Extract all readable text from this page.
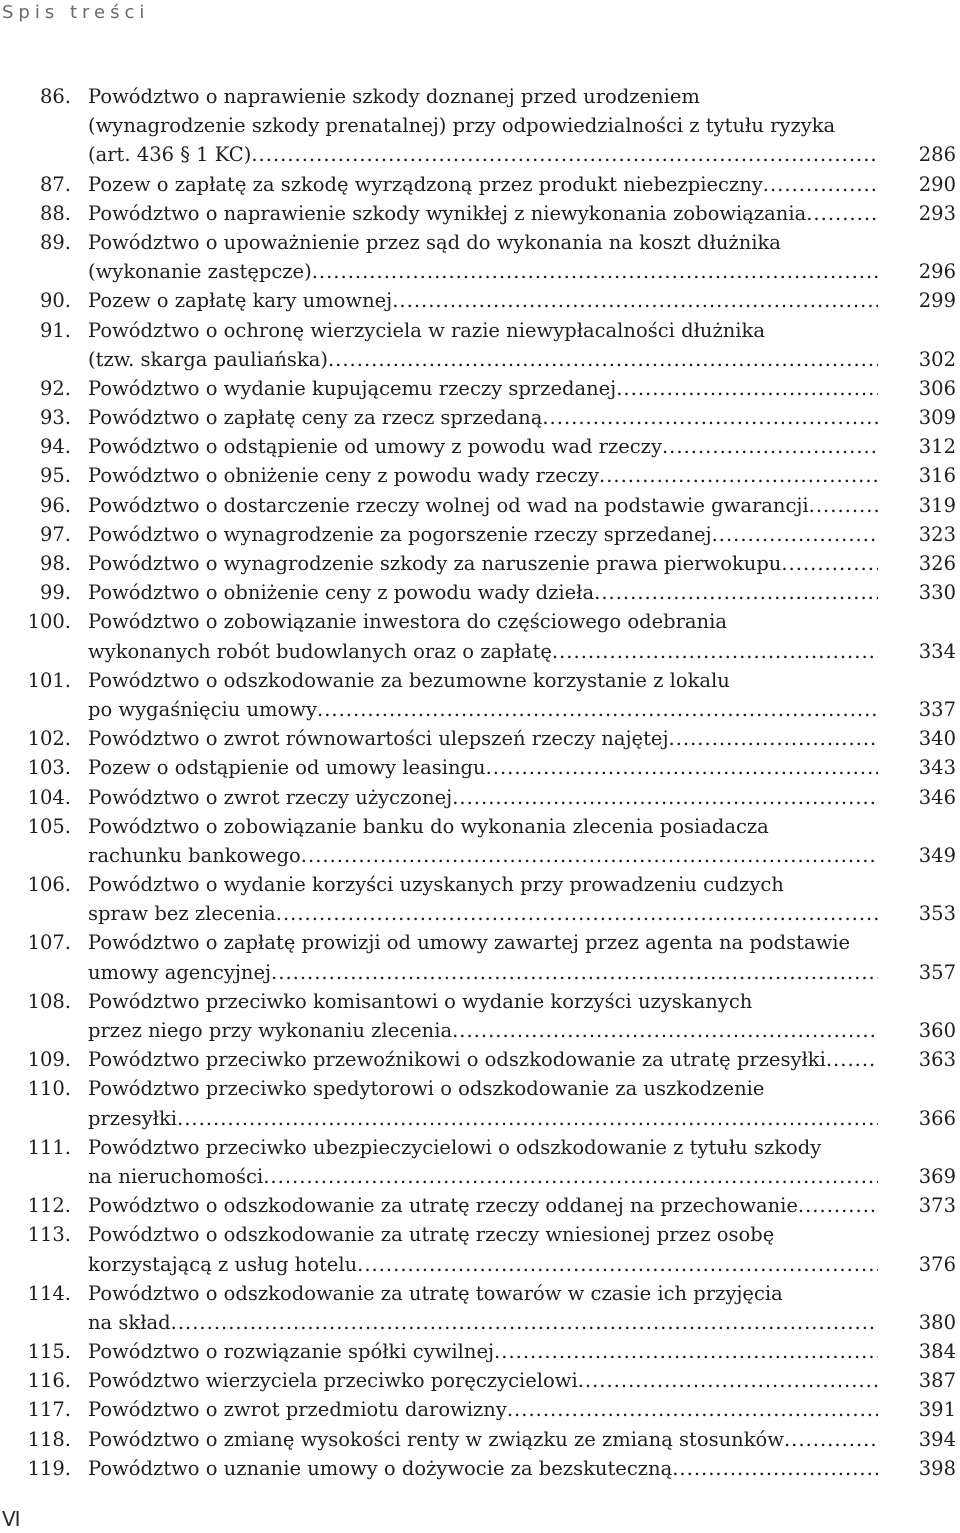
Spis treści
86. Powództwo o naprawienie szkody doznanej przed urodzeniem
(wynagrodzenie szkody prenatalnej) przy odpowiedzialności z tytułu ryzyka
(art. 436 § 1 KC) .....	286
87. Pozew o zapłatę za szkodę wyrządzoną przez produkt niebezpieczny .....	290
88. Powództwo o naprawienie szkody wynikłej z niewykonania zobowiązania .....	293
89. Powództwo o upoważnienie przez sąd do wykonania na koszt dłużnika
(wykonanie zastępcze) .....	296
90. Pozew o zapłatę kary umownej .....	299
91. Powództwo o ochronę wierzyciela w razie niewypłacalności dłużnika
(tzw. skarga pauliańska) .....	302
92. Powództwo o wydanie kupującemu rzeczy sprzedanej .....	306
93. Powództwo o zapłatę ceny za rzecz sprzedaną .....	309
94. Powództwo o odstąpienie od umowy z powodu wad rzeczy .....	312
95. Powództwo o obniżenie ceny z powodu wady rzeczy .....	316
96. Powództwo o dostarczenie rzeczy wolnej od wad na podstawie gwarancji .....	319
97. Powództwo o wynagrodzenie za pogorszenie rzeczy sprzedanej .....	323
98. Powództwo o wynagrodzenie szkody za naruszenie prawa pierwokupu .....	326
99. Powództwo o obniżenie ceny z powodu wady dzieła .....	330
100. Powództwo o zobowiązanie inwestora do częściowego odebrania
wykonanych robót budowlanych oraz o zapłatę .....	334
101. Powództwo o odszkodowanie za bezumowne korzystanie z lokalu
po wygaśnięciu umowy .....	337
102. Powództwo o zwrot równowartości ulepszeń rzeczy najętej .....	340
103. Pozew o odstąpienie od umowy leasingu .....	343
104. Powództwo o zwrot rzeczy użyczonej .....	346
105. Powództwo o zobowiązanie banku do wykonania zlecenia posiadacza
rachunku bankowego .....	349
106. Powództwo o wydanie korzyści uzyskanych przy prowadzeniu cudzych
spraw bez zlecenia .....	353
107. Powództwo o zapłatę prowizji od umowy zawartej przez agenta na podstawie
umowy agencyjnej .....	357
108. Powództwo przeciwko komisantowi o wydanie korzyści uzyskanych
przez niego przy wykonaniu zlecenia .....	360
109. Powództwo przeciwko przewoźnikowi o odszkodowanie za utratę przesyłki .....	363
110. Powództwo przeciwko spedytorowi o odszkodowanie za uszkodzenie
przesyłki .....	366
111. Powództwo przeciwko ubezpieczycielowi o odszkodowanie z tytułu szkody
na nieruchomości .....	369
112. Powództwo o odszkodowanie za utratę rzeczy oddanej na przechowanie .....	373
113. Powództwo o odszkodowanie za utratę rzeczy wniesionej przez osobę
korzystającą z usług hotelu .....	376
114. Powództwo o odszkodowanie za utratę towarów w czasie ich przyjęcia
na skład .....	380
115. Powództwo o rozwiązanie spółki cywilnej .....	384
116. Powództwo wierzyciela przeciwko poręczycielowi .....	387
117. Powództwo o zwrot przedmiotu darowizny .....	391
118. Powództwo o zmianę wysokości renty w związku ze zmianą stosunków .....	394
119. Powództwo o uznanie umowy o dożywocie za bezskuteczną .....	398
VI
